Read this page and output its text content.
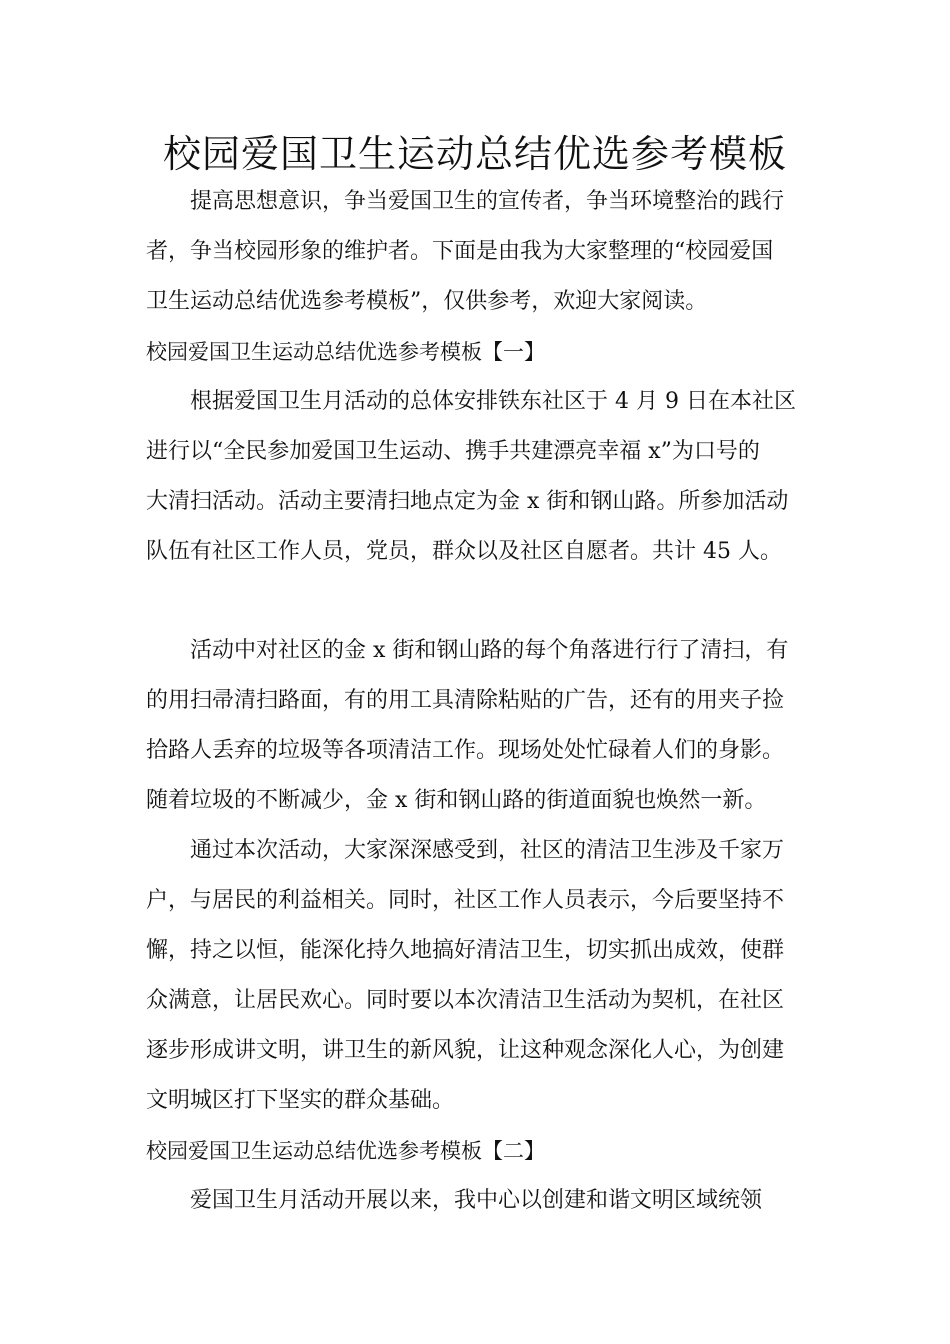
校园爱国卫生运动总结优选参考模板
提高思想意识，争当爱国卫生的宣传者，争当环境整治的践行
者，争当校园形象的维护者。下面是由我为大家整理的“校园爱国
卫生运动总结优选参考模板”，仅供参考，欢迎大家阅读。
校园爱国卫生运动总结优选参考模板【一】
根据爱国卫生月活动的总体安排铁东社区于 4 月 9 日在本社区
进行以“全民参加爱国卫生运动、携手共建漂亮幸福 x”为口号的
大清扫活动。活动主要清扫地点定为金 x 街和钢山路。所参加活动
队伍有社区工作人员，党员，群众以及社区自愿者。共计 45 人。
活动中对社区的金 x 街和钢山路的每个角落进行行了清扫，有
的用扫帚清扫路面，有的用工具清除粘贴的广告，还有的用夹子捡
拾路人丢弃的垃圾等各项清洁工作。现场处处忙碌着人们的身影。
随着垃圾的不断减少，金 x 街和钢山路的街道面貌也焕然一新。
通过本次活动，大家深深感受到，社区的清洁卫生涉及千家万
户，与居民的利益相关。同时，社区工作人员表示，今后要坚持不
懈，持之以恒，能深化持久地搞好清洁卫生，切实抓出成效，使群
众满意，让居民欢心。同时要以本次清洁卫生活动为契机，在社区
逐步形成讲文明，讲卫生的新风貌，让这种观念深化人心，为创建
文明城区打下坚实的群众基础。
校园爱国卫生运动总结优选参考模板【二】
爱国卫生月活动开展以来，我中心以创建和谐文明区域统领
